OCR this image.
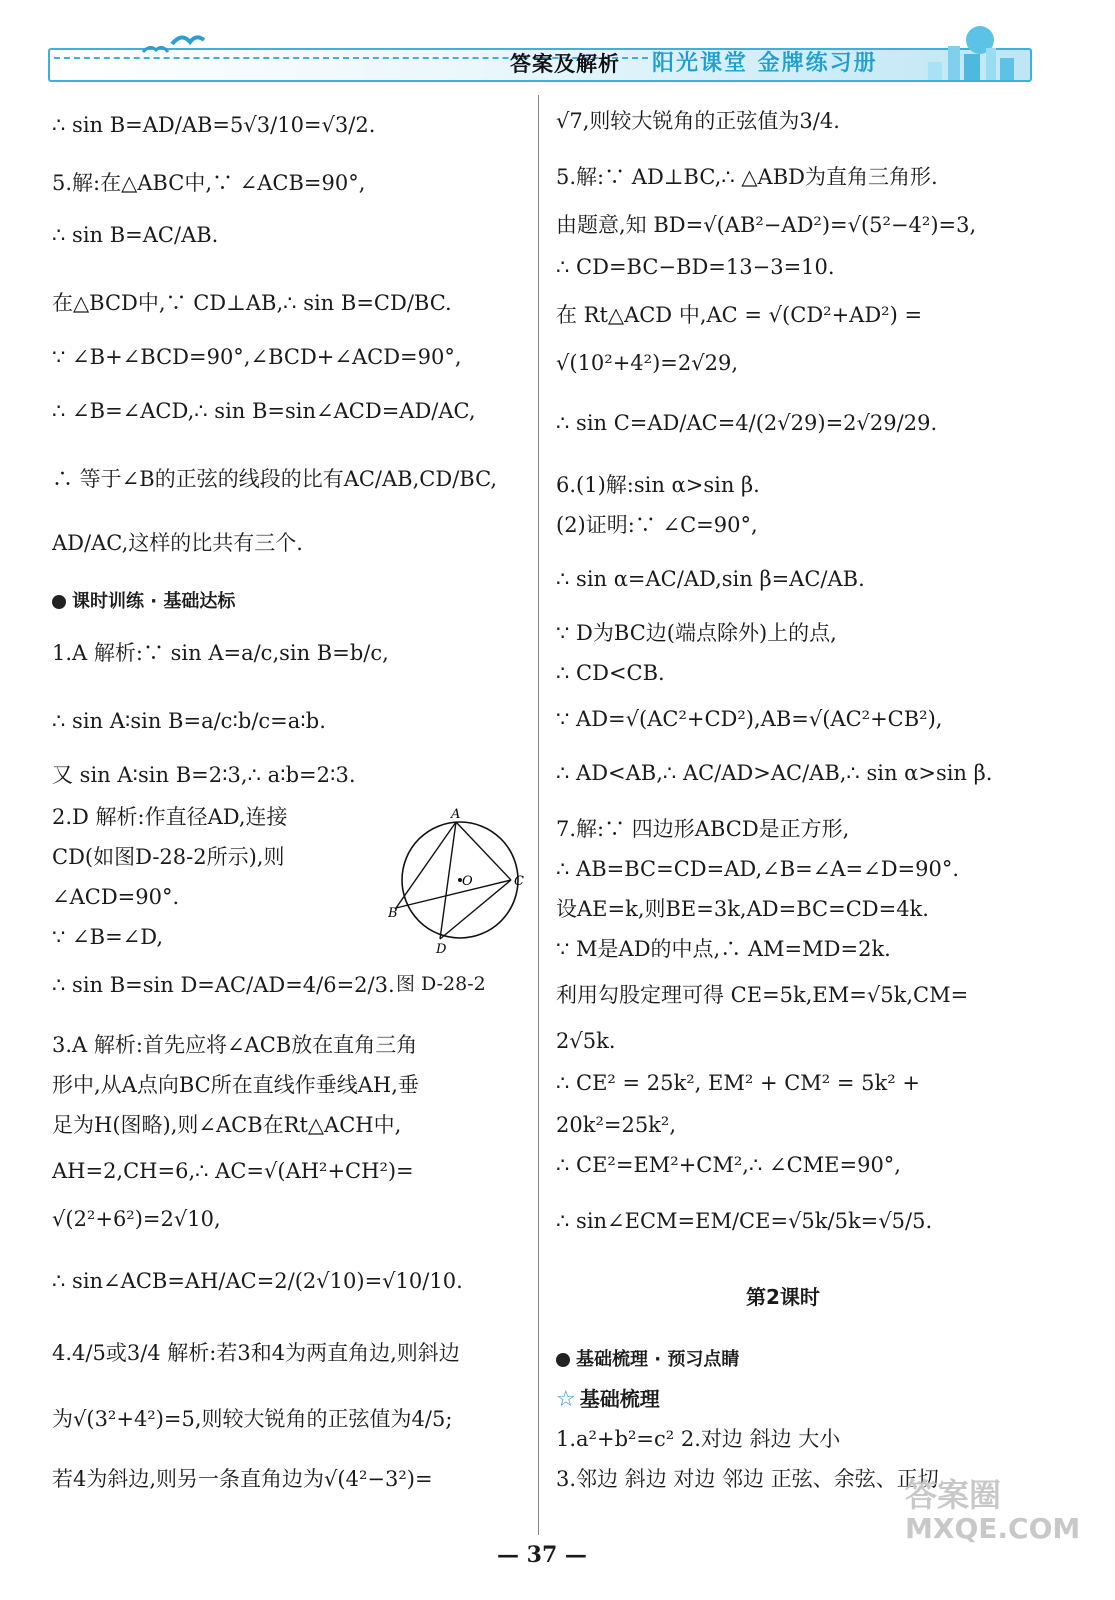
答案及解析 阳光课堂 金牌练习册
∴ sin B=AD/AB=5√3/10=√3/2.
5.解:在△ABC中,∵ ∠ACB=90°,
∴ sin B=AC/AB.
在△BCD中,∵ CD⊥AB,∴ sin B=CD/BC.
∵ ∠B+∠BCD=90°,∠BCD+∠ACD=90°,
∴ ∠B=∠ACD,∴ sin B=sin∠ACD=AD/AC,
∴ 等于∠B的正弦的线段的比有AC/AB,CD/BC,
AD/AC,这样的比共有三个.
课时训练 · 基础达标
1.A 解析:∵ sin A=a/c,sin B=b/c,
∴ sin A∶sin B=a/c∶b/c=a∶b.
又 sin A∶sin B=2∶3,∴ a∶b=2∶3.
2.D 解析:作直径AD,连接
CD(如图D-28-2所示),则
∠ACD=90°.
∵ ∠B=∠D,
∴ sin B=sin D=AC/AD=4/6=2/3. 图 D-28-2
3.A 解析:首先应将∠ACB放在直角三角
形中,从A点向BC所在直线作垂线AH,垂
足为H(图略),则∠ACB在Rt△ACH中,
AH=2,CH=6,∴ AC=√(AH²+CH²)=
√(2²+6²)=2√10,
∴ sin∠ACB=AH/AC=2/(2√10)=√10/10.
4.4/5或3/4 解析:若3和4为两直角边,则斜边
为√(3²+4²)=5,则较大锐角的正弦值为4/5;
若4为斜边,则另一条直角边为√(4²−3²)=
A
B
C
D
O
√7,则较大锐角的正弦值为3/4.
5.解:∵ AD⊥BC,∴ △ABD为直角三角形.
由题意,知 BD=√(AB²−AD²)=√(5²−4²)=3,
∴ CD=BC−BD=13−3=10.
在 Rt△ACD 中,AC = √(CD²+AD²) =
√(10²+4²)=2√29,
∴ sin C=AD/AC=4/(2√29)=2√29/29.
6.(1)解:sin α>sin β.
(2)证明:∵ ∠C=90°,
∴ sin α=AC/AD,sin β=AC/AB.
∵ D为BC边(端点除外)上的点,
∴ CD<CB.
∵ AD=√(AC²+CD²),AB=√(AC²+CB²),
∴ AD<AB,∴ AC/AD>AC/AB,∴ sin α>sin β.
7.解:∵ 四边形ABCD是正方形,
∴ AB=BC=CD=AD,∠B=∠A=∠D=90°.
设AE=k,则BE=3k,AD=BC=CD=4k.
∵ M是AD的中点,∴ AM=MD=2k.
利用勾股定理可得 CE=5k,EM=√5k,CM=
2√5k.
∴ CE² = 25k², EM² + CM² = 5k² +
20k²=25k²,
∴ CE²=EM²+CM²,∴ ∠CME=90°,
∴ sin∠ECM=EM/CE=√5k/5k=√5/5.
第2课时
基础梳理 · 预习点睛
☆ 基础梳理
1.a²+b²=c² 2.对边 斜边 大小
3.邻边 斜边 对边 邻边 正弦、余弦、正切
— 37 —
答案圈
MXQE.COM
